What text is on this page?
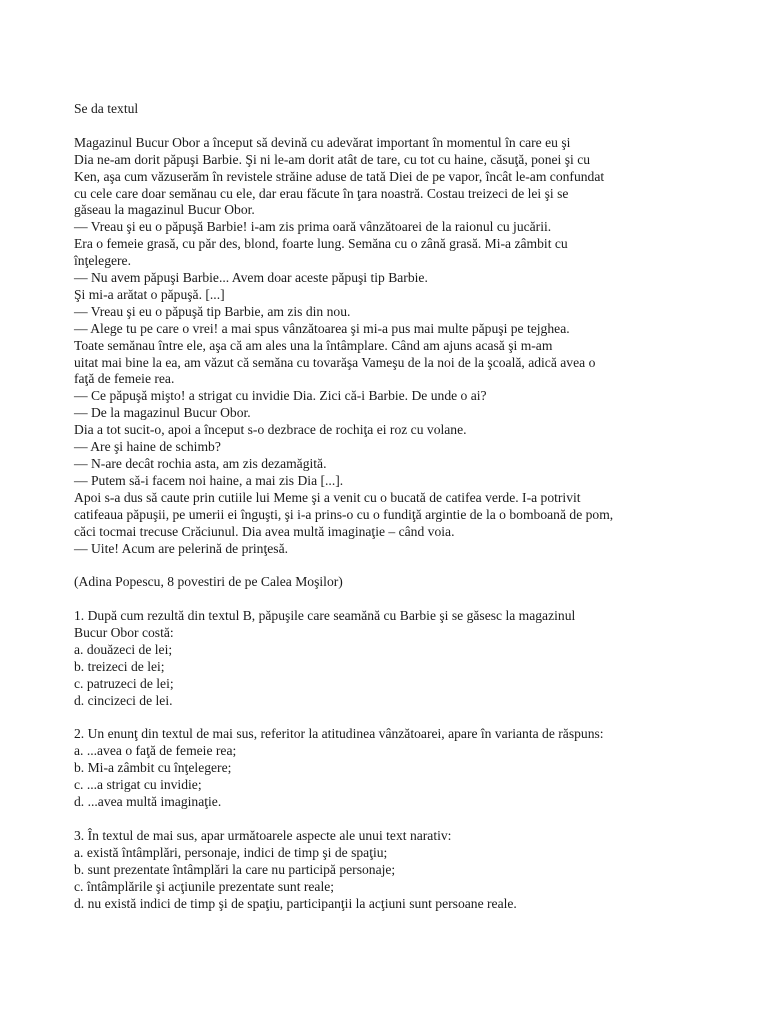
Se da textul
Magazinul Bucur Obor a început să devină cu adevărat important în momentul în care eu şi
Dia ne-am dorit păpuşi Barbie. Şi ni le-am dorit atât de tare, cu tot cu haine, căsuţă, ponei şi cu
Ken, aşa cum văzuserăm în revistele străine aduse de tată Diei de pe vapor, încât le-am confundat
cu cele care doar semănau cu ele, dar erau făcute în ţara noastră. Costau treizeci de lei şi se
găseau la magazinul Bucur Obor.
— Vreau şi eu o păpuşă Barbie! i-am zis prima oară vânzătoarei de la raionul cu jucării.
Era o femeie grasă, cu păr des, blond, foarte lung. Semăna cu o zână grasă. Mi-a zâmbit cu
înţelegere.
— Nu avem păpuşi Barbie... Avem doar aceste păpuşi tip Barbie.
Şi mi-a arătat o păpuşă. [...]
— Vreau şi eu o păpuşă tip Barbie, am zis din nou.
— Alege tu pe care o vrei! a mai spus vânzătoarea şi mi-a pus mai multe păpuşi pe tejghea.
Toate semănau între ele, aşa că am ales una la întâmplare. Când am ajuns acasă şi m-am
uitat mai bine la ea, am văzut că semăna cu tovarăşa Vameşu de la noi de la şcoală, adică avea o
faţă de femeie rea.
— Ce păpuşă mişto! a strigat cu invidie Dia. Zici că-i Barbie. De unde o ai?
— De la magazinul Bucur Obor.
Dia a tot sucit-o, apoi a început s-o dezbrace de rochiţa ei roz cu volane.
— Are şi haine de schimb?
— N-are decât rochia asta, am zis dezamăgită.
— Putem să-i facem noi haine, a mai zis Dia [...].
Apoi s-a dus să caute prin cutiile lui Meme şi a venit cu o bucată de catifea verde. I-a potrivit
catifeaua păpuşii, pe umerii ei înguşti, şi i-a prins-o cu o fundiţă argintie de la o bomboană de pom,
căci tocmai trecuse Crăciunul. Dia avea multă imaginaţie – când voia.
— Uite! Acum are pelerină de prinţesă.
(Adina Popescu, 8 povestiri de pe Calea Moşilor)
1. După cum rezultă din textul B, păpuşile care seamănă cu Barbie şi se găsesc la magazinul
Bucur Obor costă:
a. douăzeci de lei;
b. treizeci de lei;
c. patruzeci de lei;
d. cincizeci de lei.
2. Un enunţ din textul de mai sus, referitor la atitudinea vânzătoarei, apare în varianta de răspuns:
a. ...avea o faţă de femeie rea;
b. Mi-a zâmbit cu înţelegere;
c. ...a strigat cu invidie;
d. ...avea multă imaginaţie.
3. În textul de mai sus, apar următoarele aspecte ale unui text narativ:
a. există întâmplări, personaje, indici de timp şi de spaţiu;
b. sunt prezentate întâmplări la care nu participă personaje;
c. întâmplările şi acţiunile prezentate sunt reale;
d. nu există indici de timp şi de spaţiu, participanţii la acţiuni sunt persoane reale.
